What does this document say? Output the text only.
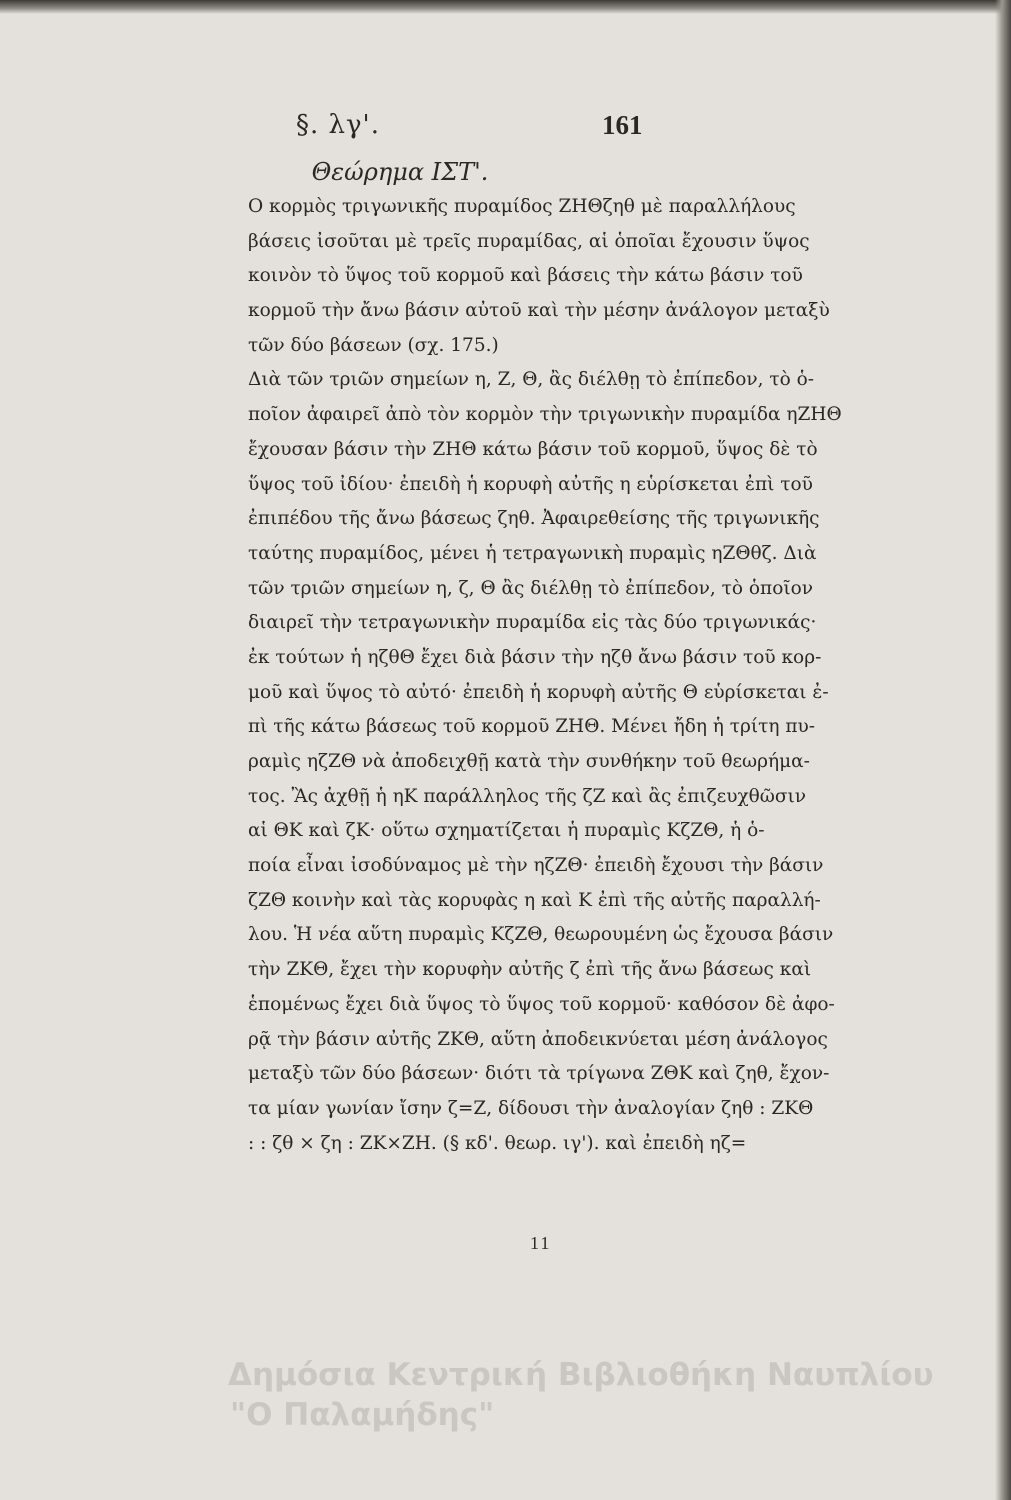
§. λγ'.	161
Θεώρημα ΙΣΤ'.
Ο κορμὸς τριγωνικῆς πυραμίδος ΖΗΘζηθ μὲ παραλλήλους
βάσεις ἰσοῦται μὲ τρεῖς πυραμίδας, αἱ ὁποῖαι ἔχουσιν ὕψος
κοινὸν τὸ ὕψος τοῦ κορμοῦ καὶ βάσεις τὴν κάτω βάσιν τοῦ
κορμοῦ τὴν ἄνω βάσιν αὐτοῦ καὶ τὴν μέσην ἀνάλογον μεταξὺ
τῶν δύο βάσεων (σχ. 175.)
Διὰ τῶν τριῶν σημείων η, Ζ, Θ, ἂς διέλθῃ τὸ ἐπίπεδον, τὸ ὁ-
ποῖον ἀφαιρεῖ ἀπὸ τὸν κορμὸν τὴν τριγωνικὴν πυραμίδα ηΖΗΘ
ἔχουσαν βάσιν τὴν ΖΗΘ κάτω βάσιν τοῦ κορμοῦ, ὕψος δὲ τὸ
ὕψος τοῦ ἰδίου· ἐπειδὴ ἡ κορυφὴ αὐτῆς η εὑρίσκεται ἐπὶ τοῦ
ἐπιπέδου τῆς ἄνω βάσεως ζηθ. Ἀφαιρεθείσης τῆς τριγωνικῆς
ταύτης πυραμίδος, μένει ἡ τετραγωνικὴ πυραμὶς ηΖΘθζ. Διὰ
τῶν τριῶν σημείων η, ζ, Θ ἂς διέλθῃ τὸ ἐπίπεδον, τὸ ὁποῖον
διαιρεῖ τὴν τετραγωνικὴν πυραμίδα εἰς τὰς δύο τριγωνικάς·
ἐκ τούτων ἡ ηζθΘ ἔχει διὰ βάσιν τὴν ηζθ ἄνω βάσιν τοῦ κορ-
μοῦ καὶ ὕψος τὸ αὐτό· ἐπειδὴ ἡ κορυφὴ αὐτῆς Θ εὑρίσκεται ἐ-
πὶ τῆς κάτω βάσεως τοῦ κορμοῦ ΖΗΘ. Μένει ἤδη ἡ τρίτη πυ-
ραμὶς ηζΖΘ νὰ ἀποδειχθῇ κατὰ τὴν συνθήκην τοῦ θεωρήμα-
τος. Ἂς ἀχθῇ ἡ ηΚ παράλληλος τῆς ζΖ καὶ ἂς ἐπιζευχθῶσιν
αἱ ΘΚ καὶ ζΚ· οὕτω σχηματίζεται ἡ πυραμὶς ΚζΖΘ, ἡ ὁ-
ποία εἶναι ἰσοδύναμος μὲ τὴν ηζΖΘ· ἐπειδὴ ἔχουσι τὴν βάσιν
ζΖΘ κοινὴν καὶ τὰς κορυφὰς η καὶ Κ ἐπὶ τῆς αὐτῆς παραλλή-
λου. Ἡ νέα αὕτη πυραμὶς ΚζΖΘ, θεωρουμένη ὡς ἔχουσα βάσιν
τὴν ΖΚΘ, ἔχει τὴν κορυφὴν αὐτῆς ζ ἐπὶ τῆς ἄνω βάσεως καὶ
ἑπομένως ἔχει διὰ ὕψος τὸ ὕψος τοῦ κορμοῦ· καθόσον δὲ ἀφο-
ρᾷ τὴν βάσιν αὐτῆς ΖΚΘ, αὕτη ἀποδεικνύεται μέση ἀνάλογος
μεταξὺ τῶν δύο βάσεων· διότι τὰ τρίγωνα ΖΘΚ καὶ ζηθ, ἔχον-
τα μίαν γωνίαν ἴσην ζ=Ζ, δίδουσι τὴν ἀναλογίαν ζηθ : ΖΚΘ
: : ζθ × ζη : ΖΚ×ΖΗ. (§ κδ'. θεωρ. ιγ'). καὶ ἐπειδὴ ηζ=
11
Δημόσια Κεντρική Βιβλιοθήκη Ναυπλίου
"Ο Παλαμήδης"
